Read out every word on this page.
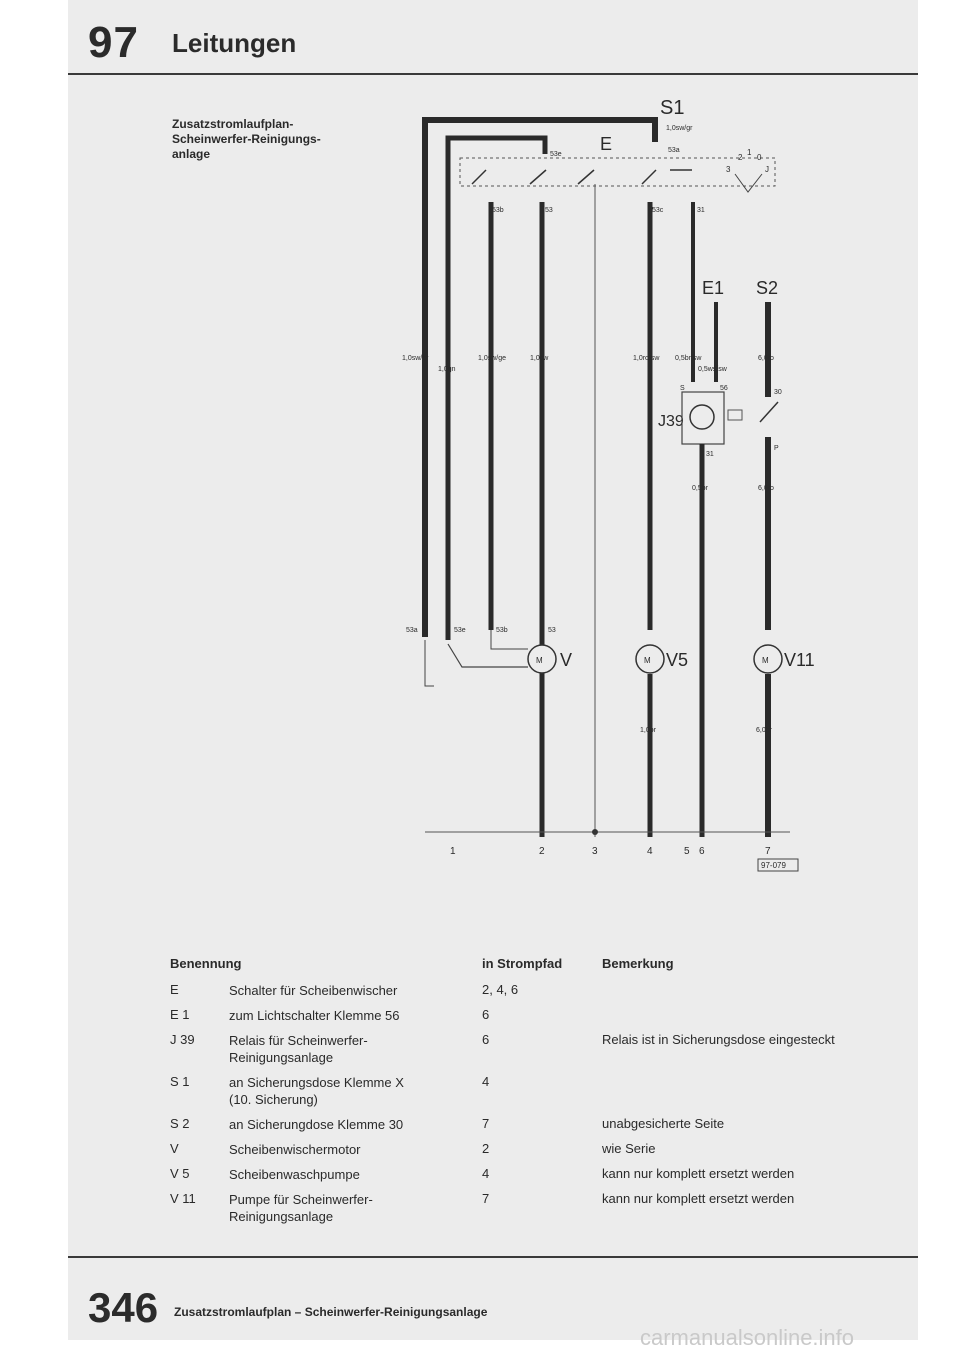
97 Leitungen
Zusatzstromlaufplan-
Scheinwerfer-Reinigungs-
anlage
S1
1,0sw/gr
E
53e
53a
2
1
0
3	J
53b	53	53c	31
E1 S2
1,0sw/gr
1,0gn
1,0sw/ge	1,0sw	1,0ro/sw 0,5br/sw
0,5ws/sw
6,0ro
J39
S	56
31
0,5br
30
P
6,0ro
53a	53e	53b	53
M V	M V5
1,0br
M V11
6,0br
1	2	3	4	5 6	7
97-079
Benennung	in Strompfad	Bemerkung
E	Schalter für Scheibenwischer	2, 4, 6
E 1	zum Lichtschalter Klemme 56	6
J 39	Relais für Scheinwerfer-
Reinigungsanlage
6	Relais ist in Sicherungsdose eingesteckt
S 1	an Sicherungsdose Klemme X
(10. Sicherung)
4
S 2	an Sicherungdose Klemme 30	7	unabgesicherte Seite
V	Scheibenwischermotor	2	wie Serie
V 5	Scheibenwaschpumpe	4	kann nur komplett ersetzt werden
V 11	Pumpe für Scheinwerfer-
Reinigungsanlage
7	kann nur komplett ersetzt werden
346 Zusatzstromlaufplan – Scheinwerfer-Reinigungsanlage
carmanualsonline.info
